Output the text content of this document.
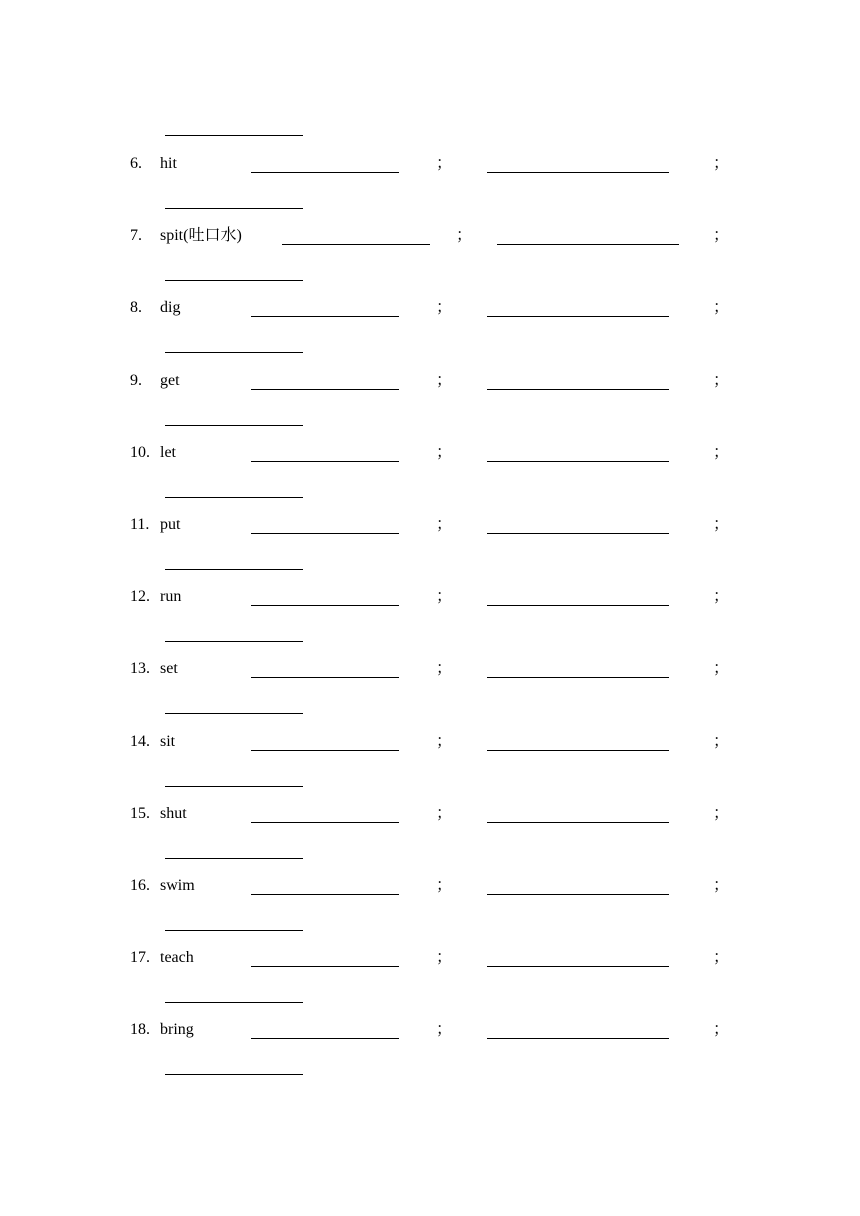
6. hit	；	；
7. spit(吐口水)	；	；
8. dig	；	；
9. get	；	；
10. let	；	；
11. put	；	；
12. run	；	；
13. set	；	；
14. sit	；	；
15. shut	；	；
16. swim	；	；
17. teach	；	；
18. bring	；	；
